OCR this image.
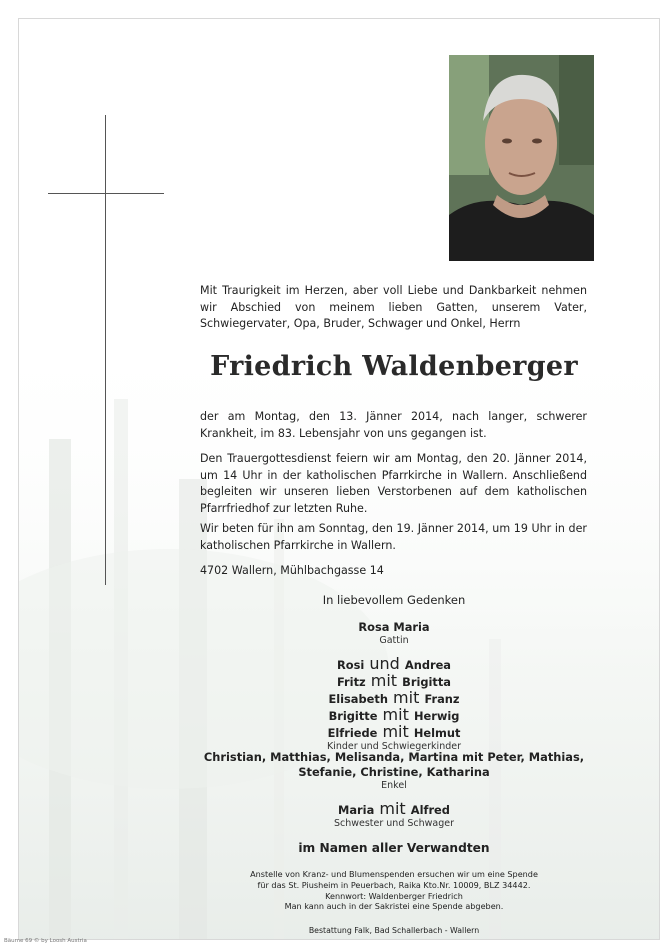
Mit Traurigkeit im Herzen, aber voll Liebe und Dankbarkeit nehmen wir Abschied von meinem lieben Gatten, unserem Vater, Schwiegervater, Opa, Bruder, Schwager und Onkel, Herrn
Friedrich Waldenberger
der am Montag, den 13. Jänner 2014, nach langer, schwerer Krankheit, im 83. Lebensjahr von uns gegangen ist.
Den Trauergottesdienst feiern wir am Montag, den 20. Jänner 2014, um 14 Uhr in der katholischen Pfarrkirche in Wallern. Anschließend begleiten wir unseren lieben Verstorbenen auf dem katholischen Pfarrfriedhof zur letzten Ruhe.
Wir beten für ihn am Sonntag, den 19. Jänner 2014, um 19 Uhr in der katholischen Pfarrkirche in Wallern.
4702 Wallern, Mühlbachgasse 14
In liebevollem Gedenken
Rosa Maria
Gattin
Rosi und Andrea
Fritz mit Brigitta
Elisabeth mit Franz
Brigitte mit Herwig
Elfriede mit Helmut
Kinder und Schwiegerkinder
Christian, Matthias, Melisanda, Martina mit Peter, Mathias,
Stefanie, Christine, Katharina
Enkel
Maria mit Alfred
Schwester und Schwager
im Namen aller Verwandten
Anstelle von Kranz- und Blumenspenden ersuchen wir um eine Spende
für das St. Piusheim in Peuerbach, Raika Kto.Nr. 10009, BLZ 34442.
Kennwort: Waldenberger Friedrich
Man kann auch in der Sakristei eine Spende abgeben.
Bestattung Falk, Bad Schallerbach - Wallern
Bäume 69 © by Loosh Austria
